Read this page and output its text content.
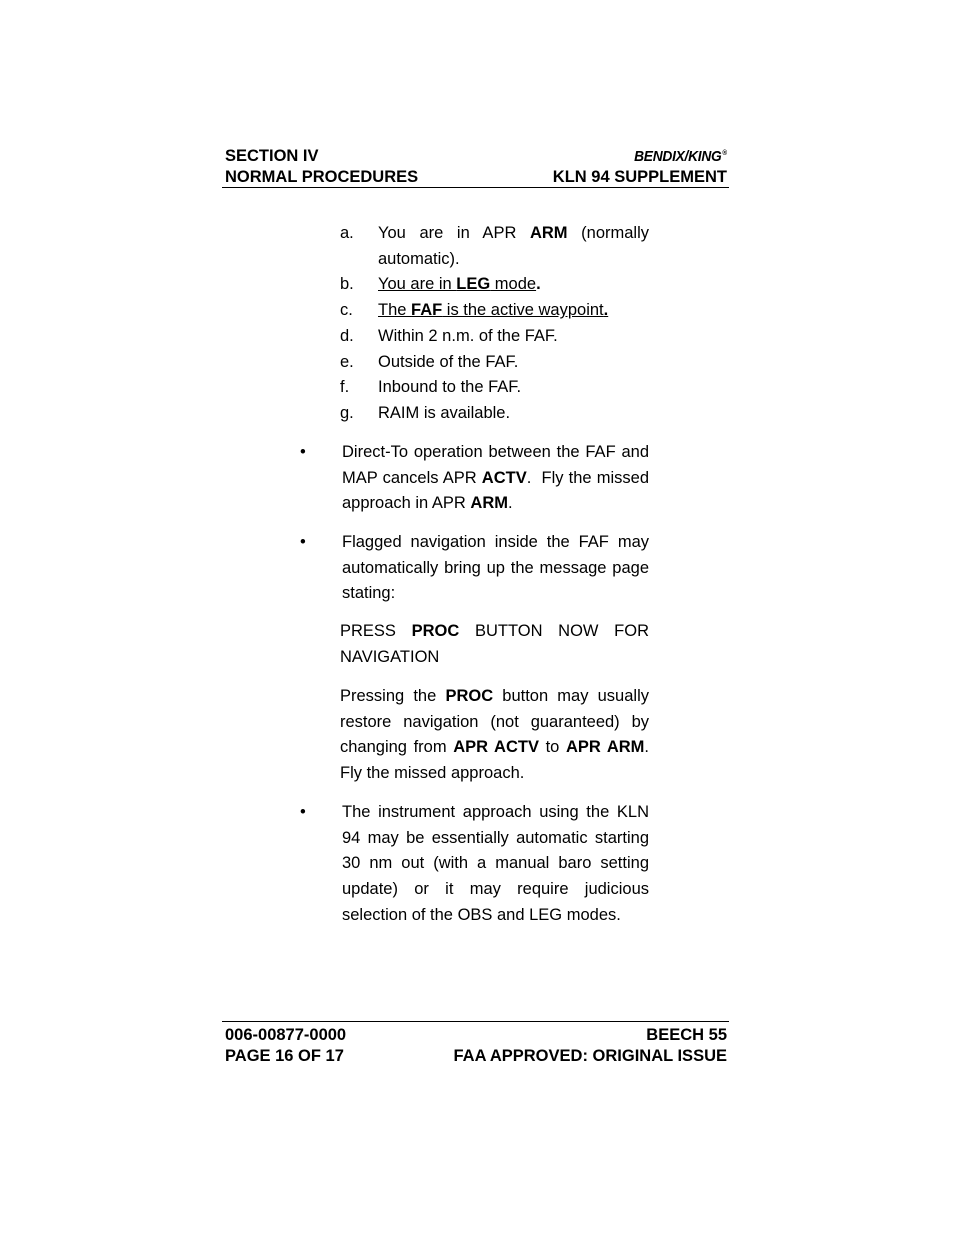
SECTION IV	BENDIX/KING®
NORMAL PROCEDURES	KLN 94 SUPPLEMENT
a.	You are in APR ARM (normally automatic).
b.	You are in LEG mode.
c.	The FAF is the active waypoint.
d.	Within 2 n.m. of the FAF.
e.	Outside of the FAF.
f.	Inbound to the FAF.
g.	RAIM is available.
•	Direct-To operation between the FAF and MAP cancels APR ACTV.  Fly the missed approach in APR ARM.
•	Flagged navigation inside the FAF may automatically bring up the message page stating:
PRESS PROC BUTTON NOW FOR
NAVIGATION
Pressing the PROC button may usually restore navigation (not guaranteed) by changing from APR ACTV to APR ARM. Fly the missed approach.
•	The instrument approach using the KLN 94 may be essentially automatic starting 30 nm out (with a manual baro setting update) or it may require judicious selection of the OBS and LEG modes.
006-00877-0000	BEECH 55
PAGE 16 OF 17	FAA APPROVED: ORIGINAL ISSUE
